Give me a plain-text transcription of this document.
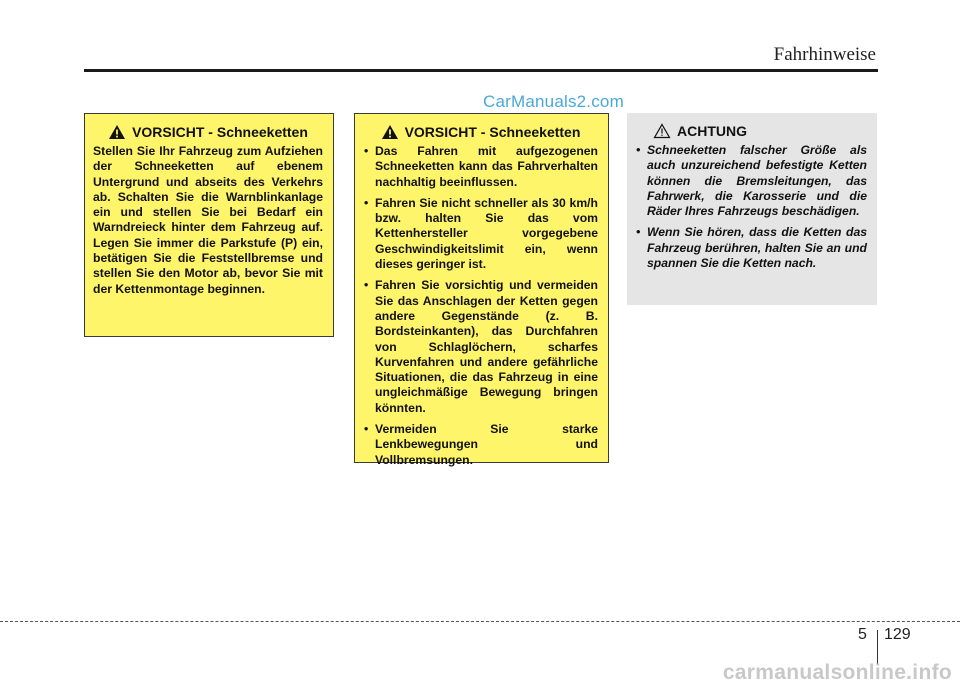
Fahrhinweise
CarManuals2.com
VORSICHT - Schneeketten

Stellen Sie Ihr Fahrzeug zum Aufziehen der Schneeketten auf ebenem Untergrund und abseits des Verkehrs ab. Schalten Sie die Warnblinkanlage ein und stellen Sie bei Bedarf ein Warndreieck hinter dem Fahrzeug auf. Legen Sie immer die Parkstufe (P) ein, betätigen Sie die Feststellbremse und stellen Sie den Motor ab, bevor Sie mit der Kettenmontage beginnen.

VORSICHT - Schneeketten
• Das Fahren mit aufgezogenen Schneeketten kann das Fahrverhalten nachhaltig beeinflussen.
• Fahren Sie nicht schneller als 30 km/h bzw. halten Sie das vom Kettenhersteller vorgegebene Geschwindigkeitslimit ein, wenn dieses geringer ist.
• Fahren Sie vorsichtig und vermeiden Sie das Anschlagen der Ketten gegen andere Gegenstände (z. B. Bordsteinkanten), das Durchfahren von Schlaglöchern, scharfes Kurvenfahren und andere gefährliche Situationen, die das Fahrzeug in eine ungleichmäßige Bewegung bringen könnten.
• Vermeiden Sie starke Lenkbewegungen und Vollbremsungen.
ACHTUNG
• Schneeketten falscher Größe als auch unzureichend befestigte Ketten können die Bremsleitungen, das Fahrwerk, die Karosserie und die Räder Ihres Fahrzeugs beschädigen.
• Wenn Sie hören, dass die Ketten das Fahrzeug berühren, halten Sie an und spannen Sie die Ketten nach.
5 129
carmanualsonline.info
